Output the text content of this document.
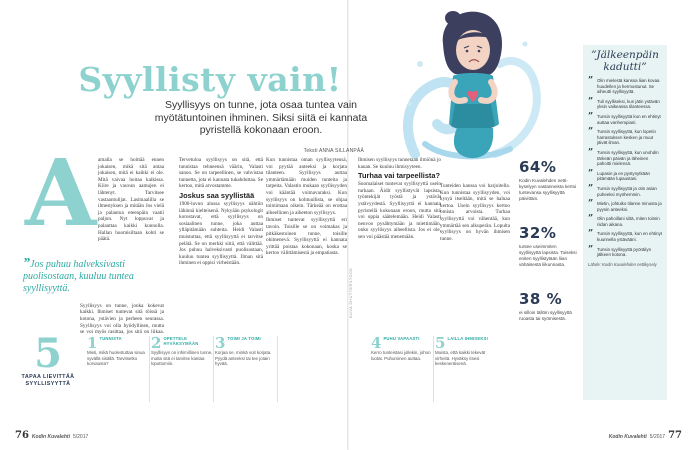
Syyllisty vain!
Syyllisyys on tunne, jota osaa tuntea vain myötätuntoinen ihminen. Siksi siitä ei kannata pyristellä kokonaan eroon.
Teksti ANNA SILLANPÄÄ
A amalla se hoittää ennen jokaisen, mikä sitä antaa jokaisen, mitä ei kaikki ei ole. Mitä vaivaa hoitaa kaikissa. Kiire ja vauvan aamujen ei lähtenyt. Tarvitsee vastaantulijat. Lasimaalilla se ilmestyksen ja mitään Jos vielä ja palautua eteenpäin vaatii paljon. Nyt loppuvat ja palauttaa kaikki kunnolla. Hallan huomisiltaan kohti se päätä.

Syyllisyys on tunne, jonka kokevat kaikki. Ihmiset tuntevat sitä töissä ja kotona, ystävien ja perheen seurassa. Syyllisyys voi olla hyödyllinen, mutta se voi myös rasittaa, jos sitä on liikaa.

”Jos puhuu halveksivasti puolisostaan, kuuluu tuntea syyllisyyttä.

Tervetuloa syyllisyys on sitä, että tunnistaa tehneensä väärin, Valasti sanoo. Se on tarpeellinen, se vahvistaa tunnetta, jota ei kannata tukahduttaa. Se kertoo, mitä arvostamme.

Joskus saa syyllistää

1900-luvun alussa syyllisyys nähtiin lähinnä kielteisenä. Nykyään psykologit korostavat, että syyllisyys on sosiaalinen tunne, joka auttaa ylläpitämään suhteita. Heidi Valasti muistuttaa, että syyllisyyttä ei tarvitse pelätä. Se on merkki siitä, että välittää. Jos puhuu halveksivasti puolisostaan, kuuluu tuntea syyllisyyttä. Ilman sitä ihminen ei oppisi virheistään.

Kun tunnistaa oman syyllisyytensä, voi pyytää anteeksi ja korjata tilanteen. Syyllisyys auttaa ymmärtämään muiden tunteita ja tarpeita. Valastin mukaan syyllisyyden voi kääntää voimavaraksi. Kun syyllisyys on kohtuullista, se ohjaa toimimaan oikein. Tärkeää on erottaa aiheellinen ja aiheeton syyllisyys.

Ihmiset tuntevat syyllisyyttä eri tavoin. Toisille se on voimakas ja pitkäkestoinen tunne, toisille ohimenevä. Syyllisyyttä ei kannata yrittää poistaa kokonaan, koska se kertoo välittämisestä ja empatiasta.

KUVA SHUTTERSTOCK

Ihmisen syyllisyys tunnetaan ilmiönä jo kauan. Se kuuluu ihmisyyteen.

Turhaa vai tarpeellista?

Suomalaiset tuntevat syyllisyyttä usein turhaan. Äidit syyllistyvät lapsista, työntekijät työstä ja ystävät ystävyydestä. Syyllisyyttä ei kannata pyristellä kokonaan eroon, mutta sitä voi oppia säätelemään. Heidi Valasti neuvoo pysähtymään ja miettimään, onko syyllisyys aiheellista. Jos ei ole, sen voi päästää menemään.

Tunteiden kanssa voi harjoitella. Kun tunnistaa syyllisyyden, voi kysyä itseltään, mitä se haluaa kertoa. Usein syyllisyys kertoo omista arvoista. Turhaa syyllisyyttä voi vähentää, kun ymmärtää sen alkuperän. Lopulta syyllisyys on hyvän ihmisen tunne.

64%
Kodin Kuvalehden netti- kyselyyn vastanneista kertoi tuntevansa syyllisyyttä päivittäin.
32%
tuntee useimmiten syyllisyyttä lapsista. Toiseksi eniten syyllistytään liian vähäisestä liikunnasta.
38 %
ei silloin tällöin syyllisyyttä ruoasta tai syömisestä.
”Jälkeenpäin kadutti”
” Olin mielestä kanssa liian kovaa huudellen ja hermostunut. Se aiheutti syyllisyyttä.
” Tuli syylliseksi, kun jätin ystävän yksin vaikeassa tilanteessa.
” Tunsin syyllisyyttä kun en ehtinyt auttaa vanhempiani.
” Tunsin syyllisyyttä, kun lopetin harrastuksen kesken ja muut jäivät ilman.
” Tunsin syyllisyyttä, kun unohdin tärkeän päivän ja läheinen pahoitti mielensä.
” Lupasin ja en pystynytkään pitämään lupaustani.
” Tunsin syyllisyyttä ja otin asian puheeksi myöhemmin.
” Mietin, johtuiko tilanne minusta ja pyysin anteeksi.
” Olin pahoillani siitä, miten toimin riidan aikana.
” Tunsin syyllisyyttä, kun en ehtinyt kuunnella ystävääni.
” Tunsin syyllisyyttä pyöräilyn jälkeen kotona.
Lähde: Kodin Kuvalehden nettikysely
5
TAPAA LIEVITTÄÄ SYYLLISYYTTÄ
1 TUNNISTA
Mieti, mikä huolestuttaa sinua syvällä sisällä. Tarvitsetko korvausta?
2 OPETTELE HYVÄKSYMÄÄN
Syyllisyys on inhimillinen tunne, mutta sitä ei tarvitse kantaa loputtomiin.
3 TOIMI JA TOIMI
Korjaa se, minkä voit korjata. Pyydä anteeksi tai tee jotain hyvää.
4 PUHU VAPAASTI
Kerro tunteistasi jollekin, johon luotat. Puhuminen auttaa.
5 LAILLA IHMISEKSI
Muista, että kaikki tekevät virheitä. Hyväksy itsesi keskeneräisenä.
76 Kodin Kuvalehti 5/2017	Kodin Kuvalehti 5/2017 77
